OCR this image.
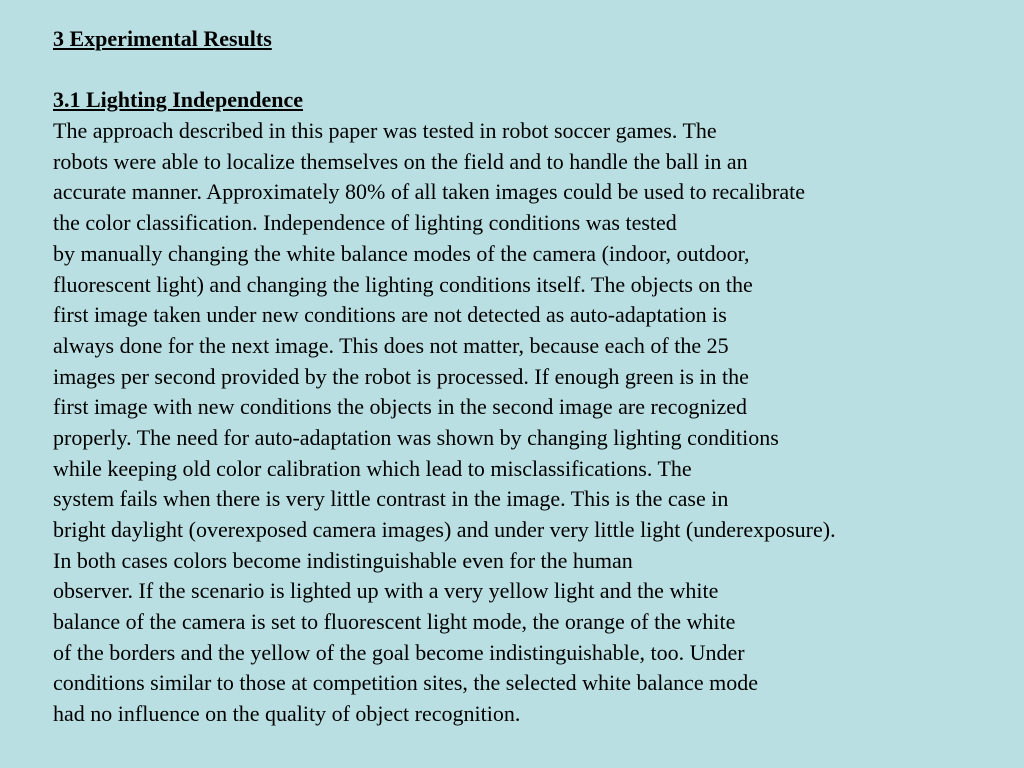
3 Experimental Results
3.1 Lighting Independence
The approach described in this paper was tested in robot soccer games. The
robots were able to localize themselves on the field and to handle the ball in an
accurate manner. Approximately 80% of all taken images could be used to recalibrate
the color classification. Independence of lighting conditions was tested
by manually changing the white balance modes of the camera (indoor, outdoor,
fluorescent light) and changing the lighting conditions itself. The objects on the
first image taken under new conditions are not detected as auto-adaptation is
always done for the next image. This does not matter, because each of the 25
images per second provided by the robot is processed. If enough green is in the
first image with new conditions the objects in the second image are recognized
properly. The need for auto-adaptation was shown by changing lighting conditions
while keeping old color calibration which lead to misclassifications. The
system fails when there is very little contrast in the image. This is the case in
bright daylight (overexposed camera images) and under very little light (underexposure).
In both cases colors become indistinguishable even for the human
observer. If the scenario is lighted up with a very yellow light and the white
balance of the camera is set to fluorescent light mode, the orange of the white
of the borders and the yellow of the goal become indistinguishable, too. Under
conditions similar to those at competition sites, the selected white balance mode
had no influence on the quality of object recognition.
